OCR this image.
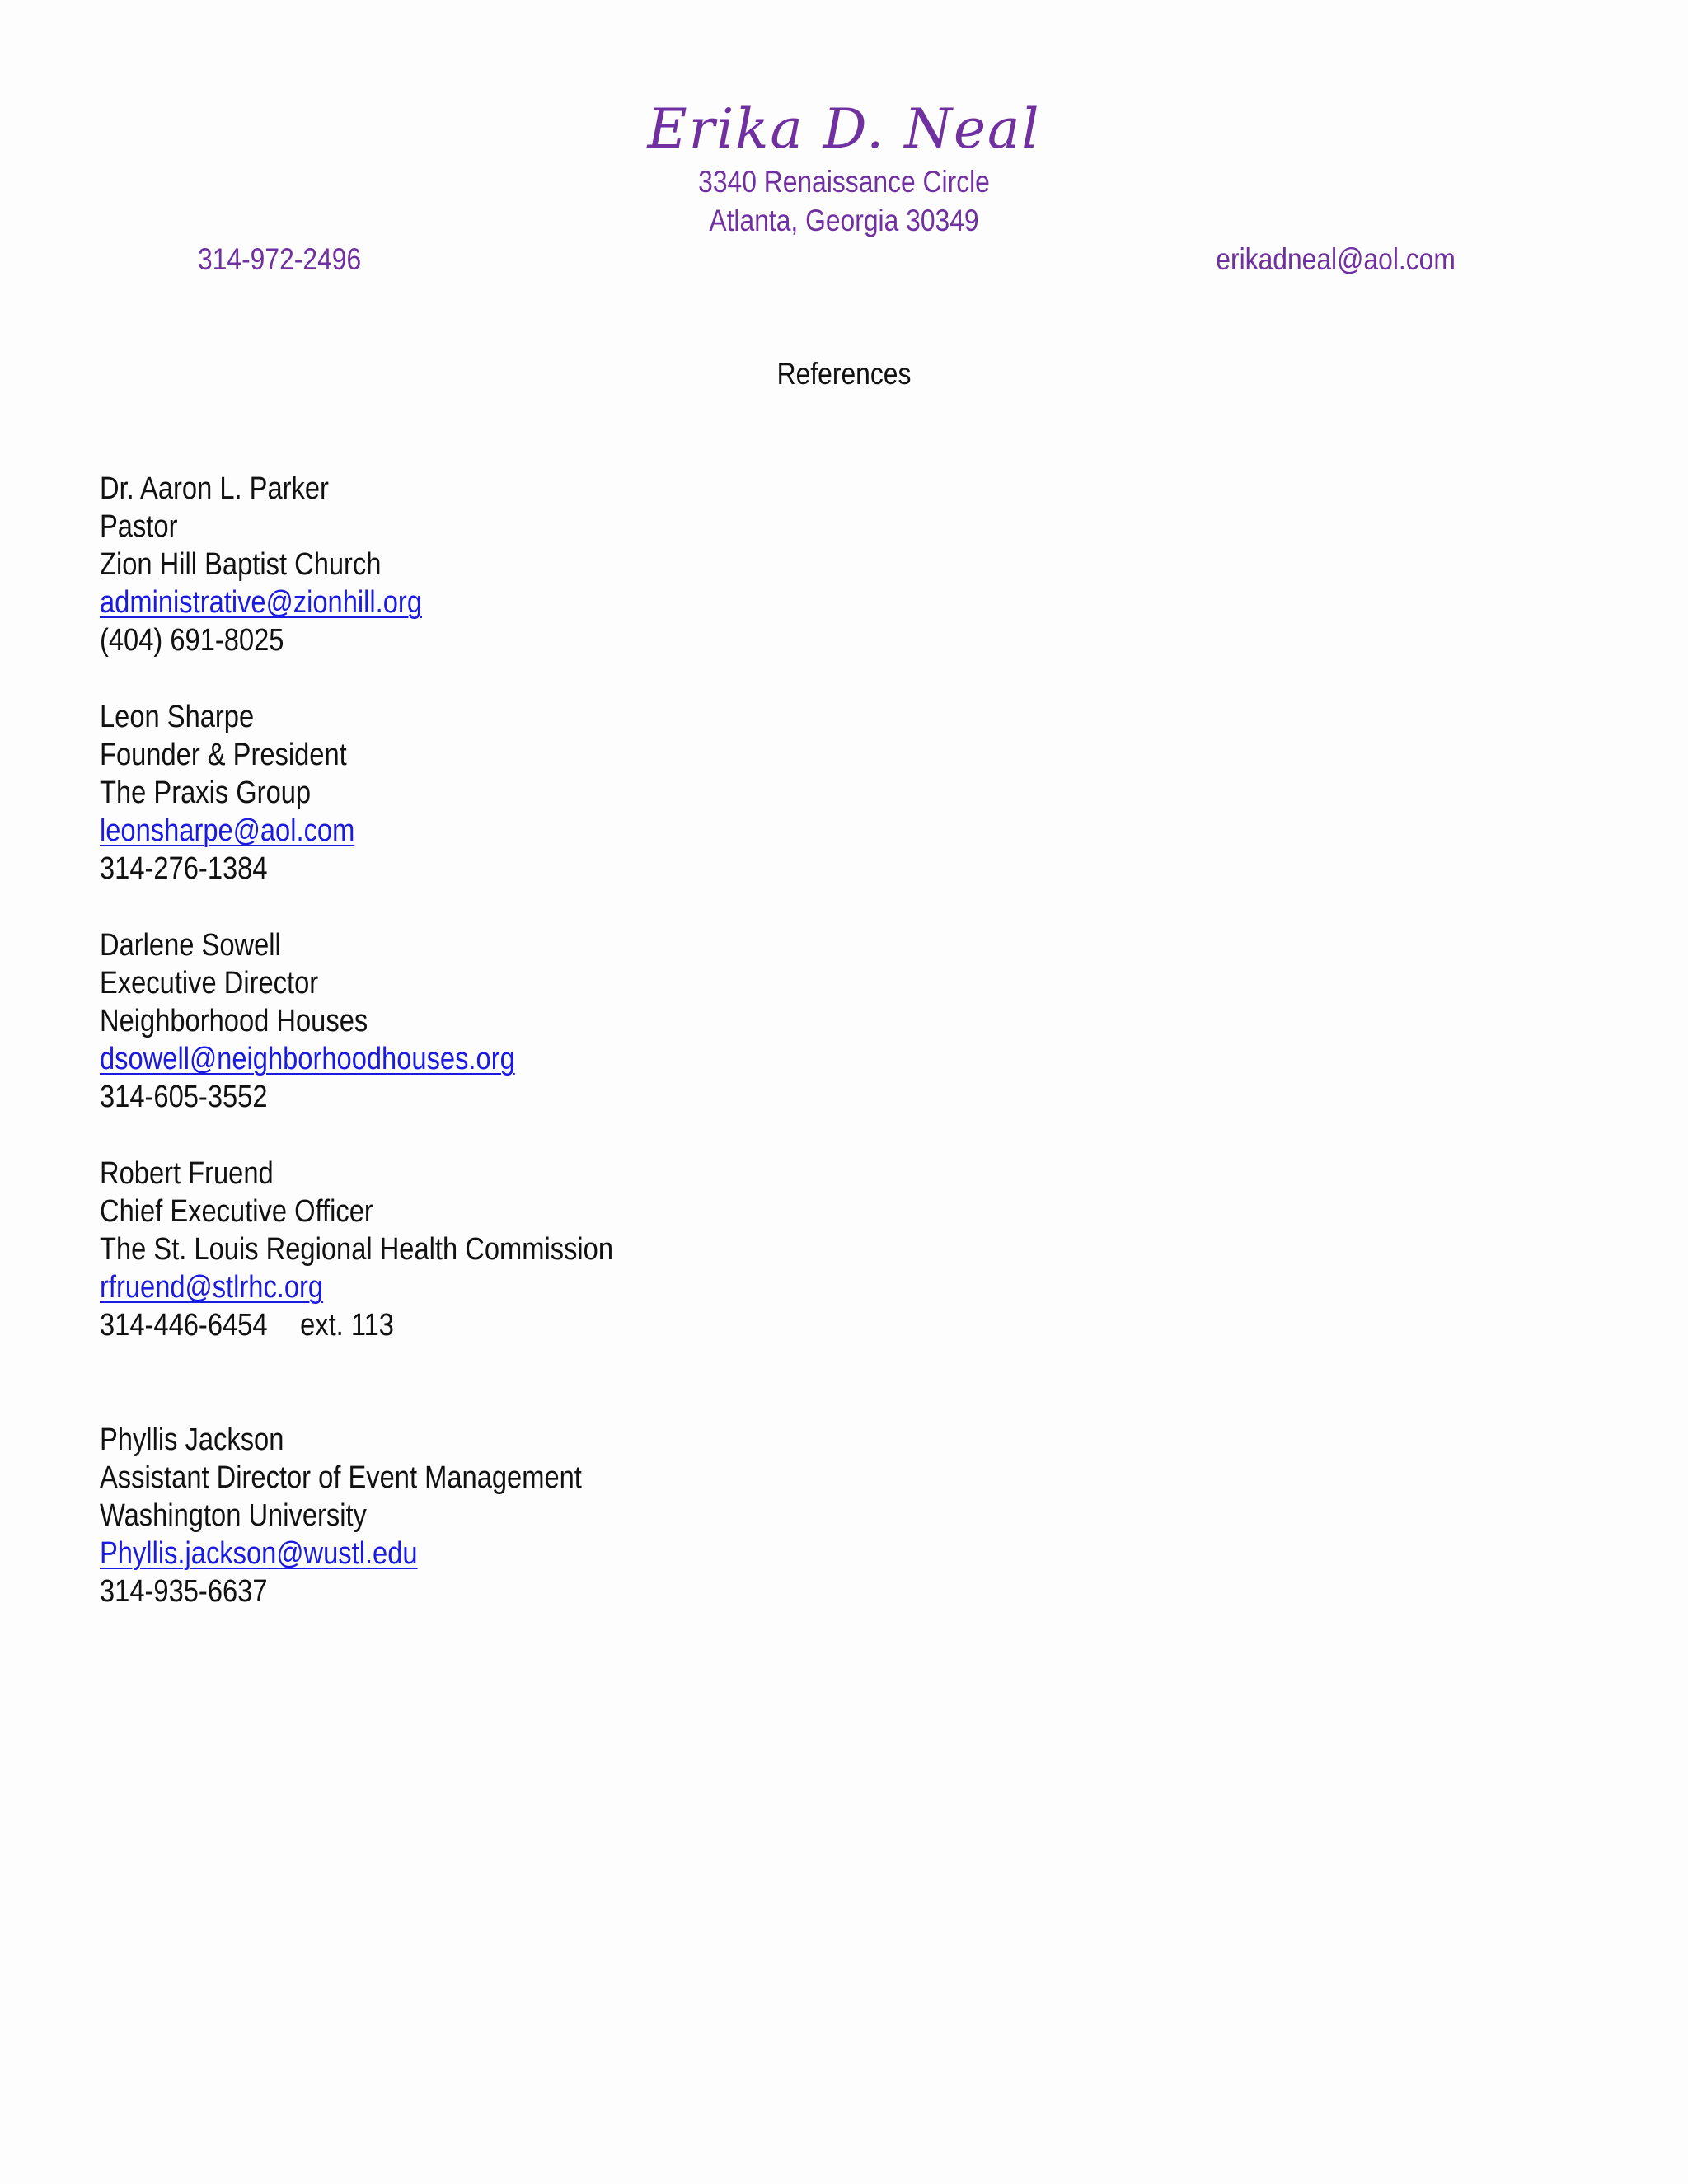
Erika D. Neal
3340 Renaissance Circle
Atlanta, Georgia 30349
314-972-2496	erikadneal@aol.com
References
Dr. Aaron L. Parker
Pastor
Zion Hill Baptist Church
administrative@zionhill.org
(404) 691-8025
Leon Sharpe
Founder & President
The Praxis Group
leonsharpe@aol.com
314-276-1384
Darlene Sowell
Executive Director
Neighborhood Houses
dsowell@neighborhoodhouses.org
314-605-3552
Robert Fruend
Chief Executive Officer
The St. Louis Regional Health Commission
rfruend@stlrhc.org
314-446-6454 ext. 113
Phyllis Jackson
Assistant Director of Event Management
Washington University
Phyllis.jackson@wustl.edu
314-935-6637
